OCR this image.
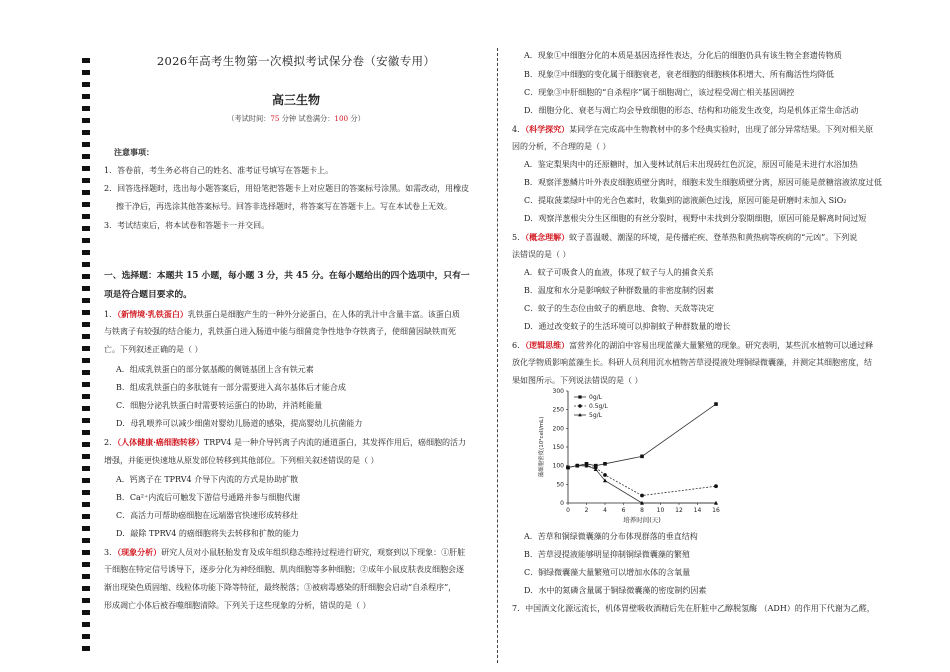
2026年高考生物第一次模拟考试保分卷（安徽专用）
高三生物
（考试时间：75 分钟 试卷满分：100 分）
注意事项：
1．答卷前，考生务必将自己的姓名、准考证号填写在答题卡上。
2．回答选择题时，选出每小题答案后，用铅笔把答题卡上对应题目的答案标号涂黑。如需改动，用橡皮
擦干净后，再选涂其他答案标号。回答非选择题时，将答案写在答题卡上。写在本试卷上无效。
3．考试结束后，将本试卷和答题卡一并交回。
一、选择题：本题共 15 小题，每小题 3 分，共 45 分。在每小题给出的四个选项中，只有一
项是符合题目要求的。
1．（新情境·乳铁蛋白）乳铁蛋白是细胞产生的一种外分泌蛋白，在人体的乳汁中含量丰富。该蛋白质
与铁离子有较强的结合能力，乳铁蛋白进入肠道中能与细菌竞争性地争夺铁离子，使细菌因缺铁而死
亡。下列叙述正确的是（ ）
A．组成乳铁蛋白的部分氨基酸的侧链基团上含有铁元素
B．组成乳铁蛋白的多肽链有一部分需要进入高尔基体后才能合成
C．细胞分泌乳铁蛋白时需要转运蛋白的协助，并消耗能量
D．母乳喂养可以减少细菌对婴幼儿肠道的感染，提高婴幼儿抗菌能力
2．（人体健康·癌细胞转移）TRPV4 是一种介导钙离子内流的通道蛋白，其发挥作用后，癌细胞的活力
增强，并能更快速地从原发部位转移到其他部位。下列相关叙述错误的是（ ）
A．钙离子在 TPRV4 介导下内流的方式是协助扩散
B．Ca²⁺内流后可触发下游信号通路并参与细胞代谢
C．高活力可帮助癌细胞在远端器官快速形成转移灶
D．敲除 TPRV4 的癌细胞将失去转移和扩散的能力
3．（现象分析）研究人员对小鼠胚胎发育及成年组织稳态维持过程进行研究，观察到以下现象：①肝脏
干细胞在特定信号诱导下，逐步分化为神经细胞、肌肉细胞等多种细胞；②成年小鼠皮肤表皮细胞会逐
渐出现染色质固缩、线粒体功能下降等特征，最终脱落；③被病毒感染的肝细胞会启动“自杀程序”，
形成凋亡小体后被吞噬细胞清除。下列关于这些现象的分析，错误的是（ ）
A．现象①中细胞分化的本质是基因选择性表达，分化后的细胞仍具有该生物全套遗传物质
B．现象②中细胞的变化属于细胞衰老，衰老细胞的细胞核体积增大、所有酶活性均降低
C．现象③中肝细胞的“自杀程序”属于细胞凋亡，该过程受凋亡相关基因调控
D．细胞分化、衰老与凋亡均会导致细胞的形态、结构和功能发生改变，均是机体正常生命活动
4．（科学探究）某同学在完成高中生物教材中的多个经典实验时，出现了部分异常结果。下列对相关原
因的分析，不合理的是（ ）
A．鉴定梨果肉中的还原糖时，加入斐林试剂后未出现砖红色沉淀，原因可能是未进行水浴加热
B．观察洋葱鳞片叶外表皮细胞质壁分离时，细胞未发生细胞质壁分离，原因可能是蔗糖溶液浓度过低
C．提取菠菜绿叶中的光合色素时，收集到的滤液颜色过浅，原因可能是研磨时未加入 SiO₂
D．观察洋葱根尖分生区细胞的有丝分裂时，视野中未找到分裂期细胞，原因可能是解离时间过短
5．（概念理解）蚊子喜温暖、潮湿的环境，是传播疟疾、登革热和黄热病等疾病的“元凶”。下列说
法错误的是（ ）
A．蚊子可吸食人的血液，体现了蚊子与人的捕食关系
B．温度和水分是影响蚊子种群数量的非密度制约因素
C．蚊子的生态位由蚊子的栖息地、食物、天敌等决定
D．通过改变蚊子的生活环境可以抑制蚊子种群数量的增长
6．（逻辑思维）富营养化的湖泊中容易出现蓝藻大量繁殖的现象。研究表明，某些沉水植物可以通过释
放化学物质影响蓝藻生长。科研人员利用沉水植物苦草浸提液处理铜绿微囊藻，并测定其细胞密度，结
果如图所示。下列说法错误的是（ ）
0 2 4 6 8 10 12 14 16
0
50
100
150
200
250
300
培养时间(天)
藻细胞密度(10⁴cell/mL)
0g/L
0.5g/L
5g/L
A．苦草和铜绿微囊藻的分布体现群落的垂直结构
B．苦草浸提液能够明显抑制铜绿微囊藻的繁殖
C．铜绿微囊藻大量繁殖可以增加水体的含氧量
D．水中的氮磷含量属于铜绿微囊藻的密度制约因素
7．中国酒文化源远流长，机体胃壁吸收酒精后先在肝脏中乙醇脱氢酶 （ADH）的作用下代谢为乙醛，
